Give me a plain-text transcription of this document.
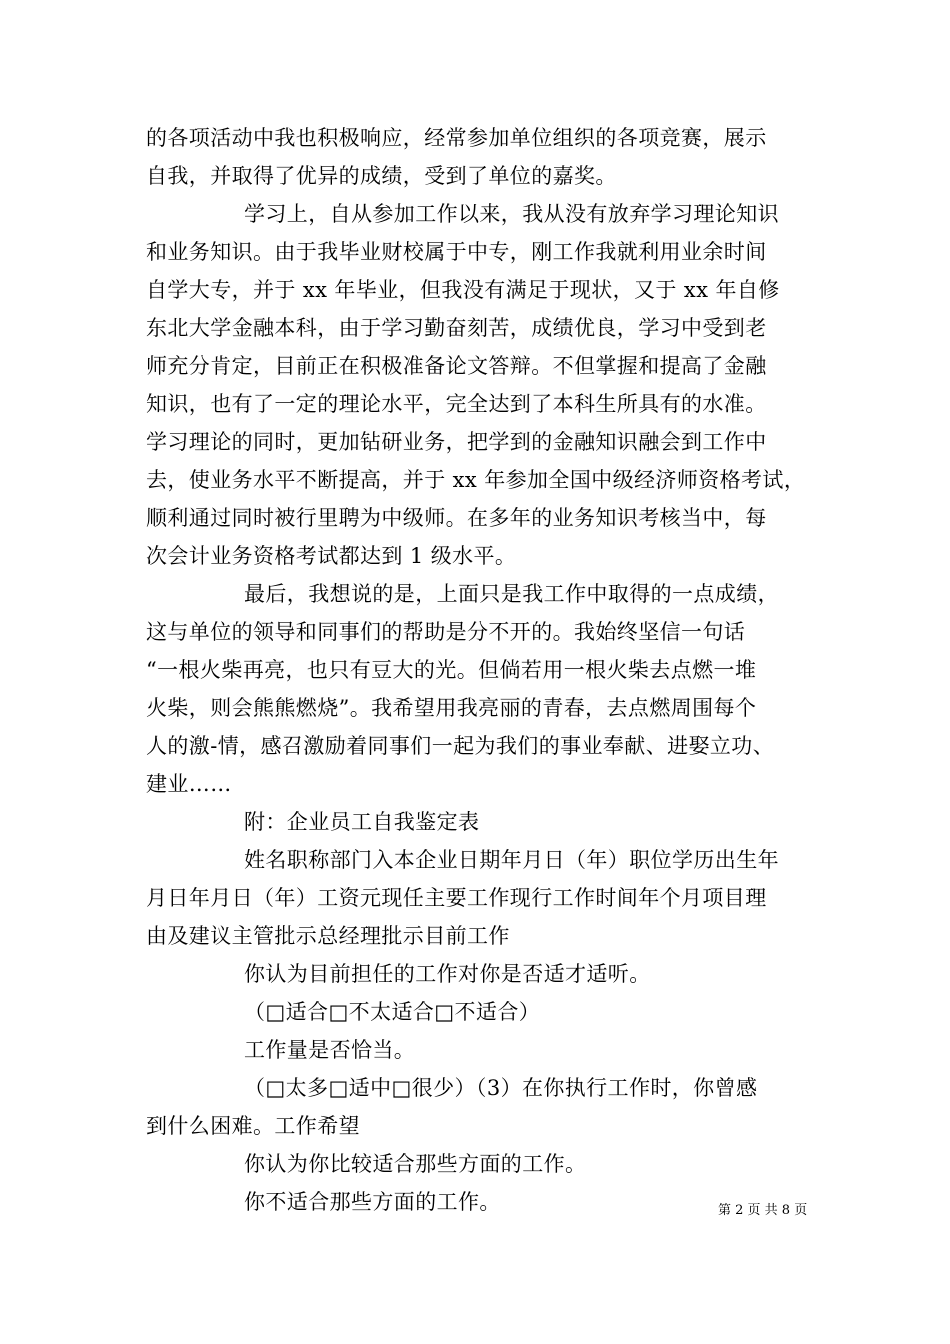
的各项活动中我也积极响应，经常参加单位组织的各项竞赛，展示
自我，并取得了优异的成绩，受到了单位的嘉奖。
学习上，自从参加工作以来，我从没有放弃学习理论知识
和业务知识。由于我毕业财校属于中专，刚工作我就利用业余时间
自学大专，并于 xx 年毕业，但我没有满足于现状，又于 xx 年自修
东北大学金融本科，由于学习勤奋刻苦，成绩优良，学习中受到老
师充分肯定，目前正在积极准备论文答辩。不但掌握和提高了金融
知识，也有了一定的理论水平，完全达到了本科生所具有的水准。
学习理论的同时，更加钻研业务，把学到的金融知识融会到工作中
去，使业务水平不断提高，并于 xx 年参加全国中级经济师资格考试，
顺利通过同时被行里聘为中级师。在多年的业务知识考核当中，每
次会计业务资格考试都达到 1 级水平。
最后，我想说的是，上面只是我工作中取得的一点成绩，
这与单位的领导和同事们的帮助是分不开的。我始终坚信一句话
“一根火柴再亮，也只有豆大的光。但倘若用一根火柴去点燃一堆
火柴，则会熊熊燃烧”。我希望用我亮丽的青春，去点燃周围每个
人的激-情，感召激励着同事们一起为我们的事业奉献、进娶立功、
建业……
附：企业员工自我鉴定表
姓名职称部门入本企业日期年月日（年）职位学历出生年
月日年月日（年）工资元现任主要工作现行工作时间年个月项目理
由及建议主管批示总经理批示目前工作
你认为目前担任的工作对你是否适才适听。
（□适合□不太适合□不适合）
工作量是否恰当。
（□太多□适中□很少）（3）在你执行工作时，你曾感
到什么困难。工作希望
你认为你比较适合那些方面的工作。
你不适合那些方面的工作。	第 2 页 共 8 页
